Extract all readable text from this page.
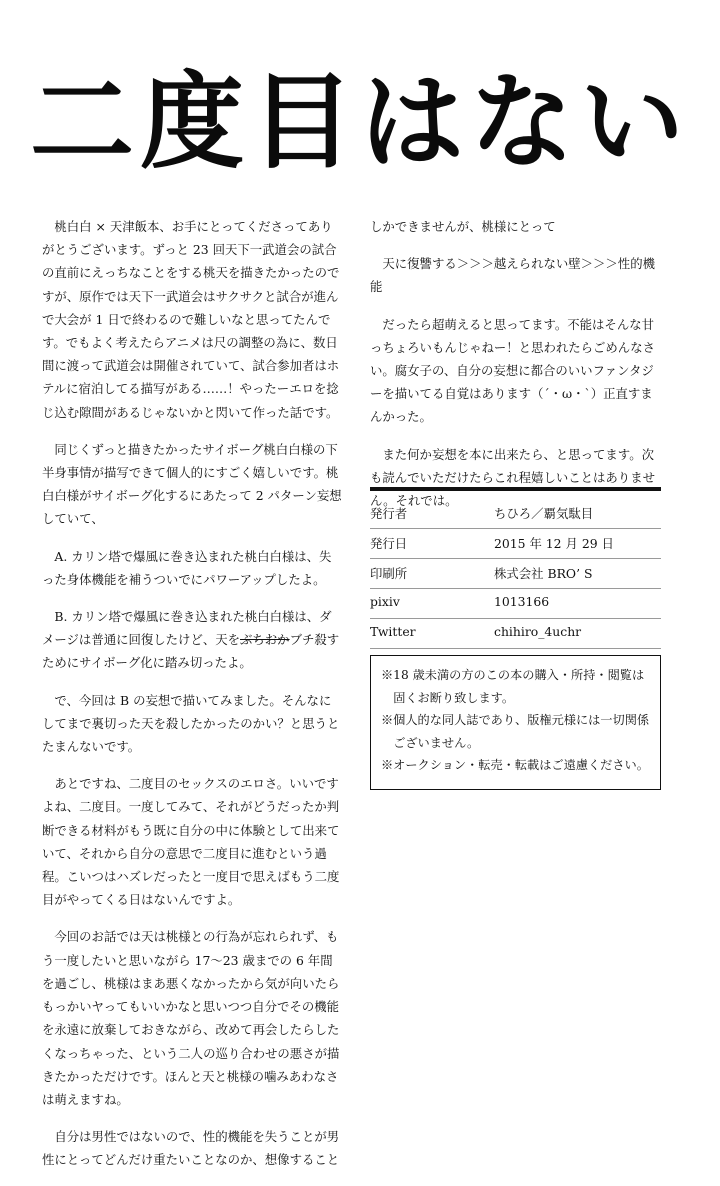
二度目はない

桃白白 × 天津飯本、お手にとってくださってありがとうございます。ずっと 23 回天下一武道会の試合の直前にえっちなことをする桃天を描きたかったのですが、原作では天下一武道会はサクサクと試合が進んで大会が 1 日で終わるので難しいなと思ってたんです。でもよく考えたらアニメは尺の調整の為に、数日間に渡って武道会は開催されていて、試合参加者はホテルに宿泊してる描写がある……！やったーエロを捻じ込む隙間があるじゃないかと閃いて作った話です。

同じくずっと描きたかったサイボーグ桃白白様の下半身事情が描写できて個人的にすごく嬉しいです。桃白白様がサイボーグ化するにあたって 2 パターン妄想していて、

A. カリン塔で爆風に巻き込まれた桃白白様は、失った身体機能を補うついでにパワーアップしたよ。

B. カリン塔で爆風に巻き込まれた桃白白様は、ダメージは普通に回復したけど、天をぶちおかブチ殺すためにサイボーグ化に踏み切ったよ。

で、今回は B の妄想で描いてみました。そんなにしてまで裏切った天を殺したかったのかい？と思うとたまんないです。

あとですね、二度目のセックスのエロさ。いいですよね、二度目。一度してみて、それがどうだったか判断できる材料がもう既に自分の中に体験として出来ていて、それから自分の意思で二度目に進むという過程。こいつはハズレだったと一度目で思えばもう二度目がやってくる日はないんですよ。

今回のお話では天は桃様との行為が忘れられず、もう一度したいと思いながら 17〜23 歳までの 6 年間を過ごし、桃様はまあ悪くなかったから気が向いたらもっかいヤってもいいかなと思いつつ自分でその機能を永遠に放棄しておきながら、改めて再会したらしたくなっちゃった、という二人の巡り合わせの悪さが描きたかっただけです。ほんと天と桃様の噛みあわなさは萌えますね。

自分は男性ではないので、性的機能を失うことが男性にとってどんだけ重たいことなのか、想像すること

しかできませんが、桃様にとって

天に復讐する＞＞＞越えられない壁＞＞＞性的機能

だったら超萌えると思ってます。不能はそんな甘っちょろいもんじゃねー！と思われたらごめんなさい。腐女子の、自分の妄想に都合のいいファンタジーを描いてる自覚はあります（´・ω・`）正直すまんかった。

また何か妄想を本に出来たら、と思ってます。次も読んでいただけたらこれ程嬉しいことはありません。それでは。

発行者	ちひろ／覇気駄目
発行日	2015 年 12 月 29 日
印刷所	株式会社 BRO’ S
pixiv	1013166
Twitter	chihiro_4uchr
※18 歳未満の方のこの本の購入・所持・閲覧は
固くお断り致します。
※個人的な同人誌であり、版権元様には一切関係
ございません。
※オークション・転売・転載はご遠慮ください。
